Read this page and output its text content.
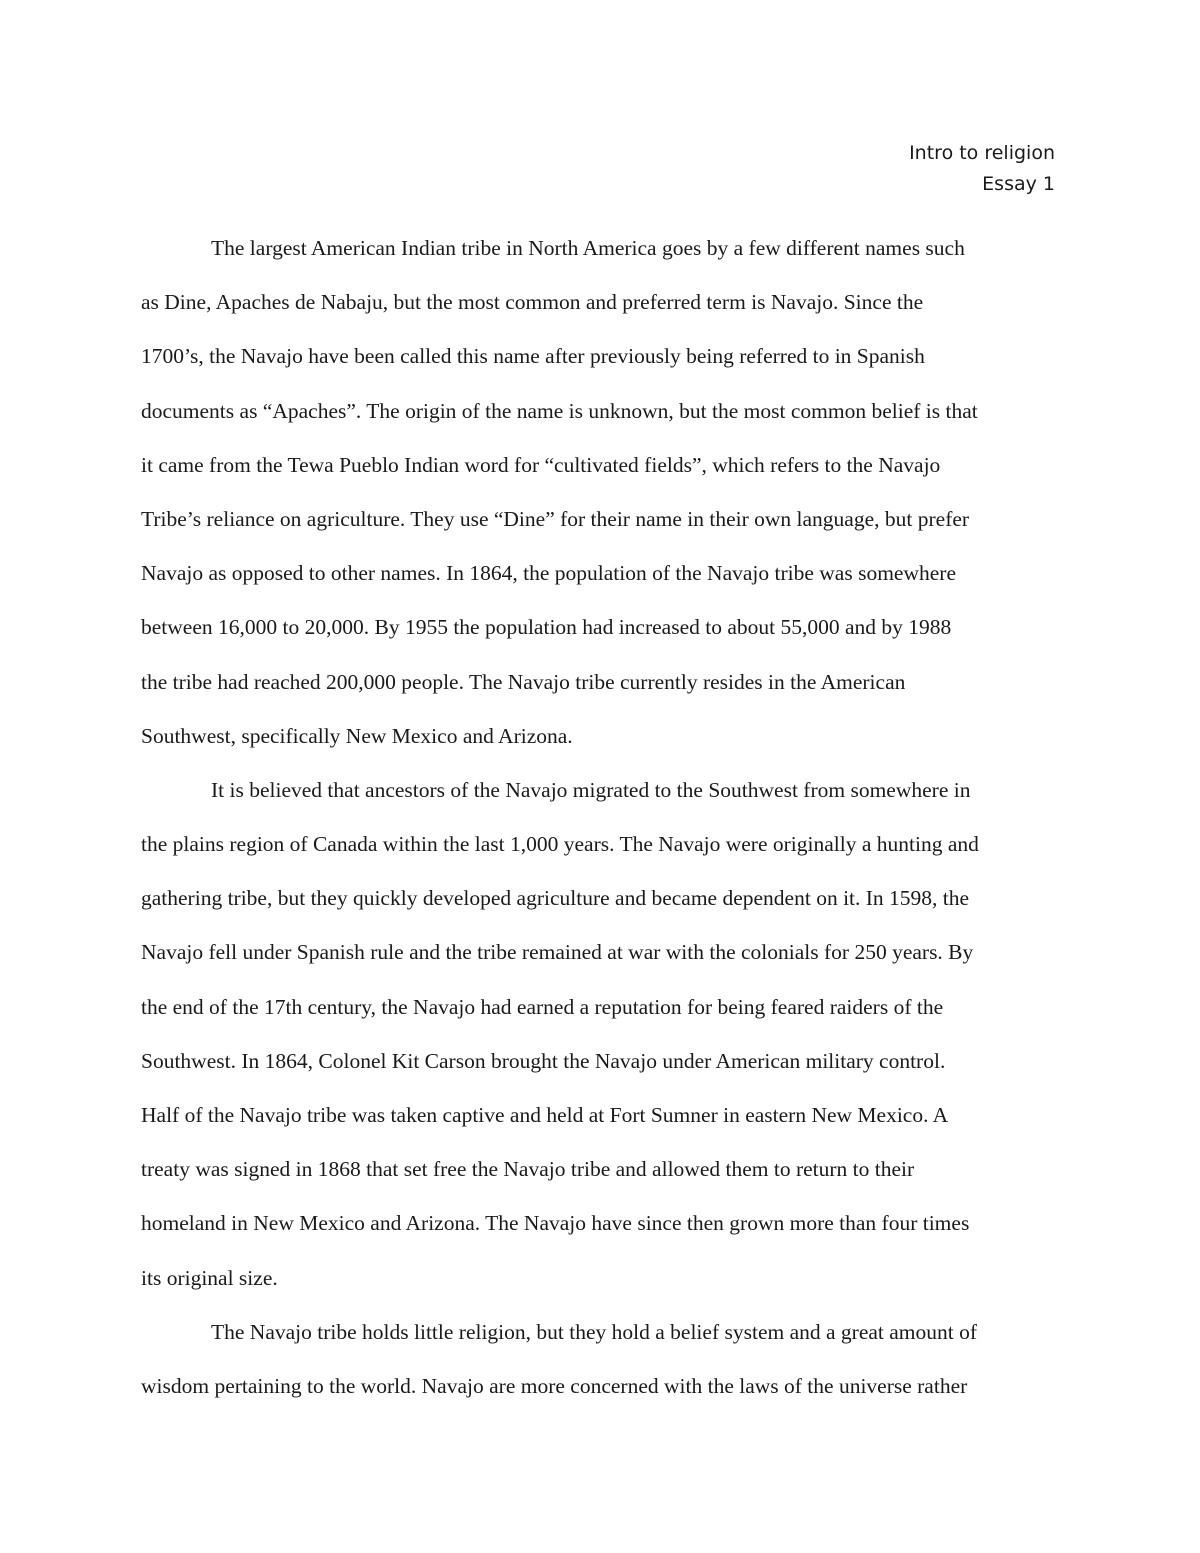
Intro to religion
Essay 1
The largest American Indian tribe in North America goes by a few different names such
as Dine, Apaches de Nabaju, but the most common and preferred term is Navajo. Since the
1700’s, the Navajo have been called this name after previously being referred to in Spanish
documents as “Apaches”. The origin of the name is unknown, but the most common belief is that
it came from the Tewa Pueblo Indian word for “cultivated fields”, which refers to the Navajo
Tribe’s reliance on agriculture. They use “Dine” for their name in their own language, but prefer
Navajo as opposed to other names. In 1864, the population of the Navajo tribe was somewhere
between 16,000 to 20,000. By 1955 the population had increased to about 55,000 and by 1988
the tribe had reached 200,000 people. The Navajo tribe currently resides in the American
Southwest, specifically New Mexico and Arizona.
It is believed that ancestors of the Navajo migrated to the Southwest from somewhere in
the plains region of Canada within the last 1,000 years. The Navajo were originally a hunting and
gathering tribe, but they quickly developed agriculture and became dependent on it. In 1598, the
Navajo fell under Spanish rule and the tribe remained at war with the colonials for 250 years. By
the end of the 17th century, the Navajo had earned a reputation for being feared raiders of the
Southwest. In 1864, Colonel Kit Carson brought the Navajo under American military control.
Half of the Navajo tribe was taken captive and held at Fort Sumner in eastern New Mexico. A
treaty was signed in 1868 that set free the Navajo tribe and allowed them to return to their
homeland in New Mexico and Arizona. The Navajo have since then grown more than four times
its original size.
The Navajo tribe holds little religion, but they hold a belief system and a great amount of
wisdom pertaining to the world. Navajo are more concerned with the laws of the universe rather
